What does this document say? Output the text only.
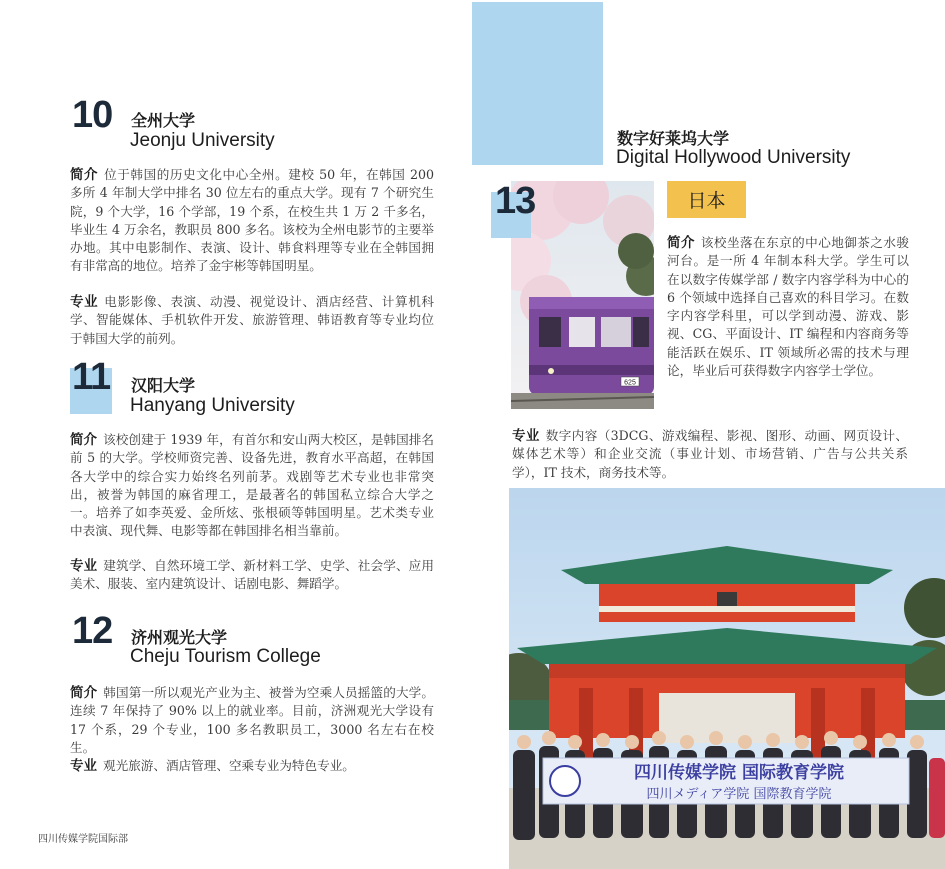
10 全州大学
Jeonju University

简介 位于韩国的历史文化中心全州。建校 50 年，在韩国 200 多所 4 年制大学中排名 30 位左右的重点大学。现有 7 个研究生院，9 个大学，16 个学部，19 个系，在校生共 1 万 2 千多名，毕业生 4 万余名，教职员 800 多名。该校为全州电影节的主要举办地。其中电影制作、表演、设计、韩食料理等专业在全韩国拥有非常高的地位。培养了金宇彬等韩国明星。

专业 电影影像、表演、动漫、视觉设计、酒店经营、计算机科学、智能媒体、手机软件开发、旅游管理、韩语教育等专业均位于韩国大学的前列。

11 汉阳大学
Hanyang University

简介 该校创建于 1939 年，有首尔和安山两大校区，是韩国排名前 5 的大学。学校师资完善、设备先进，教育水平高超，在韩国各大学中的综合实力始终名列前茅。戏剧等艺术专业也非常突出，被誉为韩国的麻省理工，是最著名的韩国私立综合大学之一。培养了如李英爱、金所炫、张根硕等韩国明星。艺术类专业中表演、现代舞、电影等都在韩国排名相当靠前。

专业 建筑学、自然环境工学、新材料工学、史学、社会学、应用美术、服装、室内建筑设计、话剧电影、舞蹈学。

12 济州观光大学
Cheju Tourism College

简介 韩国第一所以观光产业为主、被誉为空乘人员摇篮的大学。连续 7 年保持了 90% 以上的就业率。目前，济洲观光大学设有 17 个系，29 个专业，100 多名教职员工，3000 名左右在校生。

专业 观光旅游、酒店管理、空乘专业为特色专业。

四川传媒学院国际部
数字好莱坞大学
Digital Hollywood University
625
13	日本

简介 该校坐落在东京的中心地御茶之水骏河台。是一所 4 年制本科大学。学生可以在以数字传媒学部 / 数字内容学科为中心的 6 个领域中选择自己喜欢的科目学习。在数字内容学科里，可以学到动漫、游戏、影视、CG、平面设计、IT 编程和内容商务等能活跃在娱乐、IT 领域所必需的技术与理论，毕业后可获得数字内容学士学位。

专业 数字内容（3DCG、游戏编程、影视、图形、动画、网页设计、媒体艺术等）和企业交流（事业计划、市场营销、广告与公共关系学），IT 技术，商务技术等。

四川传媒学院 国际教育学院
四川メディア学院 国際教育学院
